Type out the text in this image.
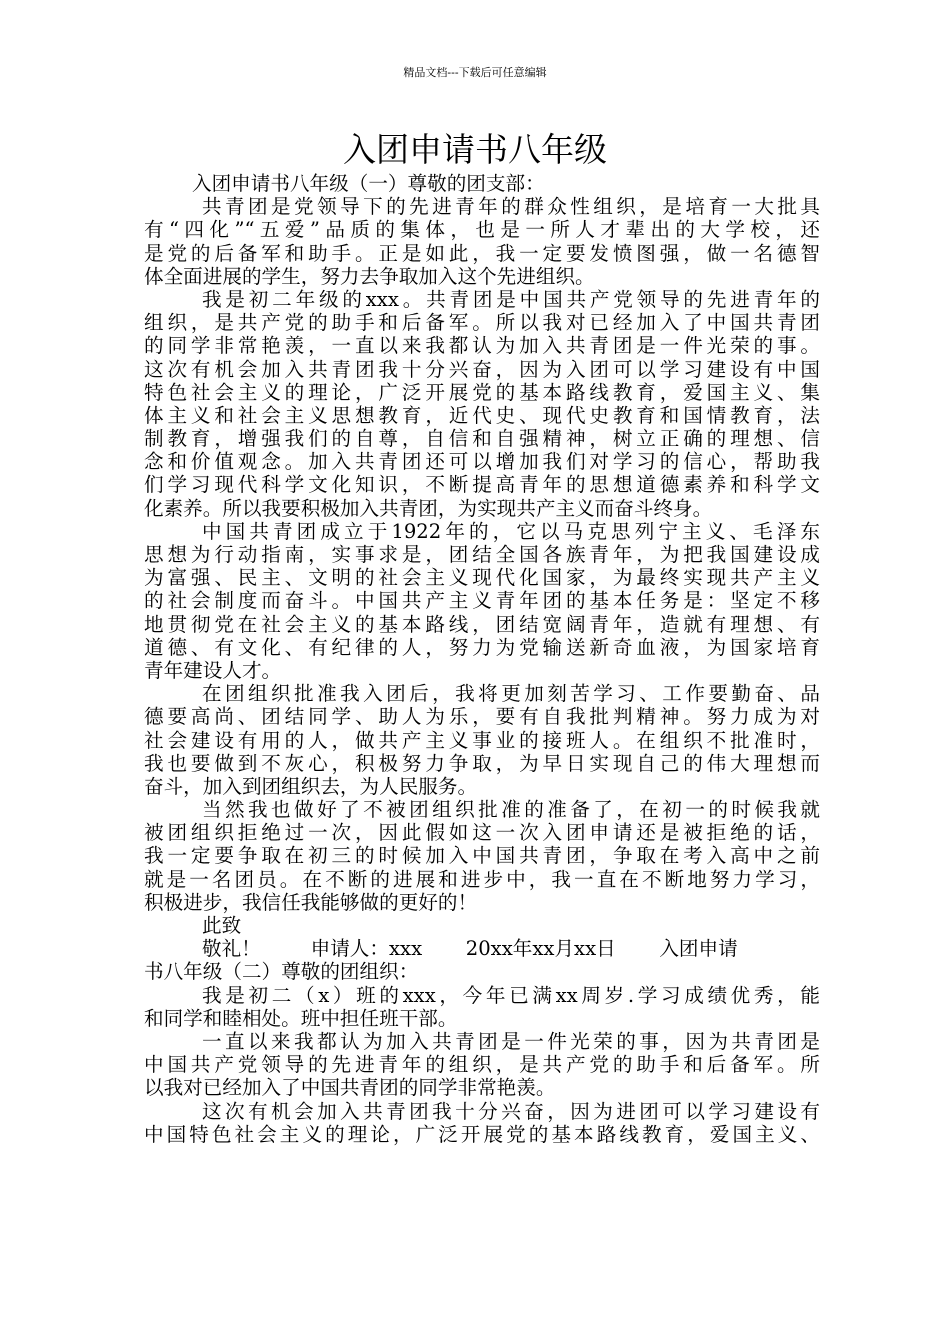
精品文档---下载后可任意编辑
入团申请书八年级
入团申请书八年级（一）尊敬的团支部：
共青团是党领导下的先进青年的群众性组织，是培育一大批具
有“四化”“五爱”品质的集体，也是一所人才辈出的大学校，还
是党的后备军和助手。正是如此，我一定要发愤图强，做一名德智
体全面进展的学生，努力去争取加入这个先进组织。
我是初二年级的xxx。共青团是中国共产党领导的先进青年的
组织，是共产党的助手和后备军。所以我对已经加入了中国共青团
的同学非常艳羡，一直以来我都认为加入共青团是一件光荣的事。
这次有机会加入共青团我十分兴奋，因为入团可以学习建设有中国
特色社会主义的理论，广泛开展党的基本路线教育，爱国主义、集
体主义和社会主义思想教育，近代史、现代史教育和国情教育，法
制教育，增强我们的自尊，自信和自强精神，树立正确的理想、信
念和价值观念。加入共青团还可以增加我们对学习的信心，帮助我
们学习现代科学文化知识，不断提高青年的思想道德素养和科学文
化素养。所以我要积极加入共青团，为实现共产主义而奋斗终身。
中国共青团成立于1922年的，它以马克思列宁主义、毛泽东
思想为行动指南，实事求是，团结全国各族青年，为把我国建设成
为富强、民主、文明的社会主义现代化国家，为最终实现共产主义
的社会制度而奋斗。中国共产主义青年团的基本任务是：坚定不移
地贯彻党在社会主义的基本路线，团结宽阔青年，造就有理想、有
道德、有文化、有纪律的人，努力为党输送新奇血液，为国家培育
青年建设人才。
在团组织批准我入团后，我将更加刻苦学习、工作要勤奋、品
德要高尚、团结同学、助人为乐，要有自我批判精神。努力成为对
社会建设有用的人，做共产主义事业的接班人。在组织不批准时，
我也要做到不灰心，积极努力争取，为早日实现自己的伟大理想而
奋斗，加入到团组织去，为人民服务。
当然我也做好了不被团组织批准的准备了，在初一的时候我就
被团组织拒绝过一次，因此假如这一次入团申请还是被拒绝的话，
我一定要争取在初三的时候加入中国共青团，争取在考入高中之前
就是一名团员。在不断的进展和进步中，我一直在不断地努力学习，
积极进步，我信任我能够做的更好的！
此致
敬礼！        申请人：xxx       20xx年xx月xx日       入团申请
书八年级（二）尊敬的团组织：
我是初二（x）班的xxx，今年已满xx周岁.学习成绩优秀，能
和同学和睦相处。班中担任班干部。
一直以来我都认为加入共青团是一件光荣的事，因为共青团是
中国共产党领导的先进青年的组织，是共产党的助手和后备军。所
以我对已经加入了中国共青团的同学非常艳羡。
这次有机会加入共青团我十分兴奋，因为进团可以学习建设有
中国特色社会主义的理论，广泛开展党的基本路线教育，爱国主义、
